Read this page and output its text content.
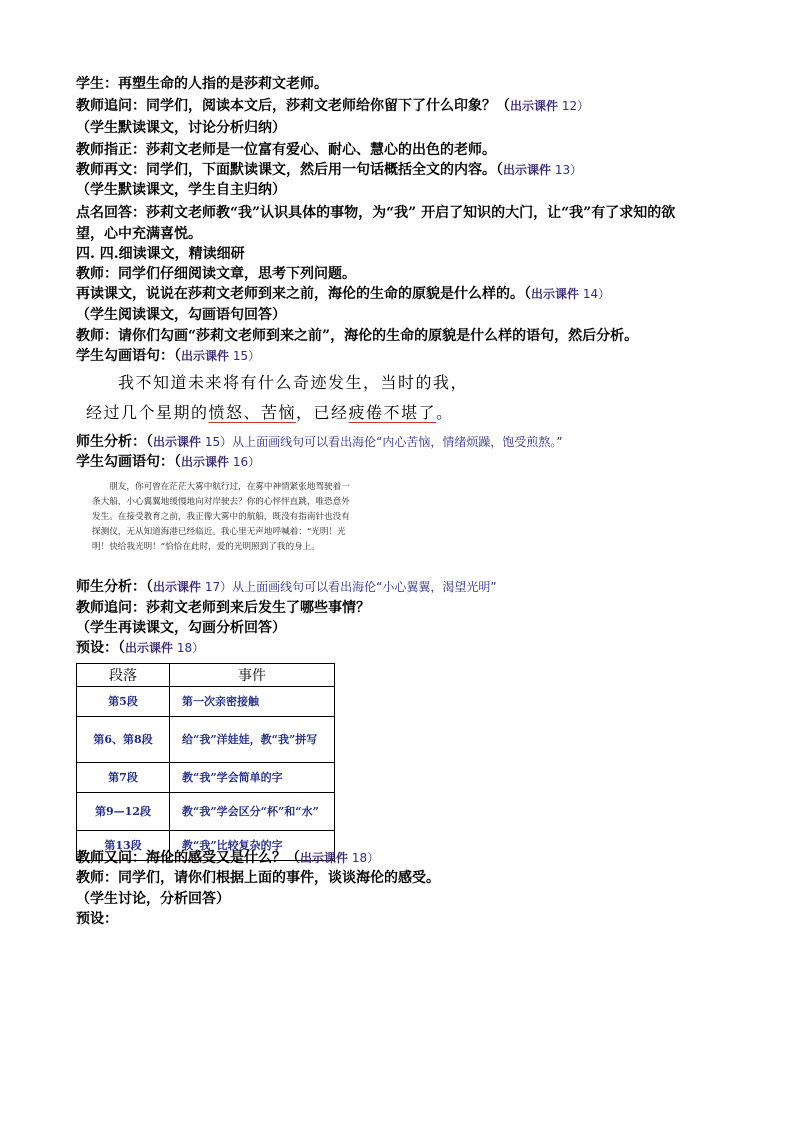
学生：再塑生命的人指的是莎莉文老师。
教师追问：同学们，阅读本文后，莎莉文老师给你留下了什么印象？（出示课件 12）
（学生默读课文，讨论分析归纳）
教师指正：莎莉文老师是一位富有爱心、耐心、慧心的出色的老师。
教师再文：同学们，下面默读课文，然后用一句话概括全文的内容。（出示课件 13）
（学生默读课文，学生自主归纳）
点名回答：莎莉文老师教“我”认识具体的事物，为“我” 开启了知识的大门，让“我”有了求知的欲
望，心中充满喜悦。
四. 四.细读课文，精读细研
教师：同学们仔细阅读文章，思考下列问题。
再读课文，说说在莎莉文老师到来之前，海伦的生命的原貌是什么样的。（出示课件 14）
（学生阅读课文，勾画语句回答）
教师：请你们勾画“莎莉文老师到来之前”，海伦的生命的原貌是什么样的语句，然后分析。
学生勾画语句：（出示课件 15）
我不知道未来将有什么奇迹发生，当时的我，
经过几个星期的愤怒、苦恼，已经疲倦不堪了。
师生分析：（出示课件 15）从上面画线句可以看出海伦“内心苦恼，情绪烦躁，饱受煎熬。”
学生勾画语句：（出示课件 16）

朋友，你可曾在茫茫大雾中航行过，在雾中神情紧张地驾驶着一条大船，小心翼翼地缓慢地向对岸驶去？你的心怦怦直跳，唯恐意外发生。在接受教育之前，我正像大雾中的航船，既没有指南针也没有探测仪，无从知道海港已经临近。我心里无声地呼喊着：“光明！光明！快给我光明！”恰恰在此时，爱的光明照到了我的身上。

师生分析：（出示课件 17）从上面画线句可以看出海伦“小心翼翼，渴望光明”
教师追问：莎莉文老师到来后发生了哪些事情？
（学生再读课文，勾画分析回答）
预设：（出示课件 18）
段落	事件
第5段	第一次亲密接触
第6、第8段	给“我”洋娃娃，教“我”拼写
第7段	教“我”学会简单的字
第9—12段	教“我”学会区分“杯”和“水”
第13段	教“我”比较复杂的字
教师又问：海伦的感受又是什么？（出示课件 18）
教师：同学们，请你们根据上面的事件，谈谈海伦的感受。
（学生讨论，分析回答）
预设：
